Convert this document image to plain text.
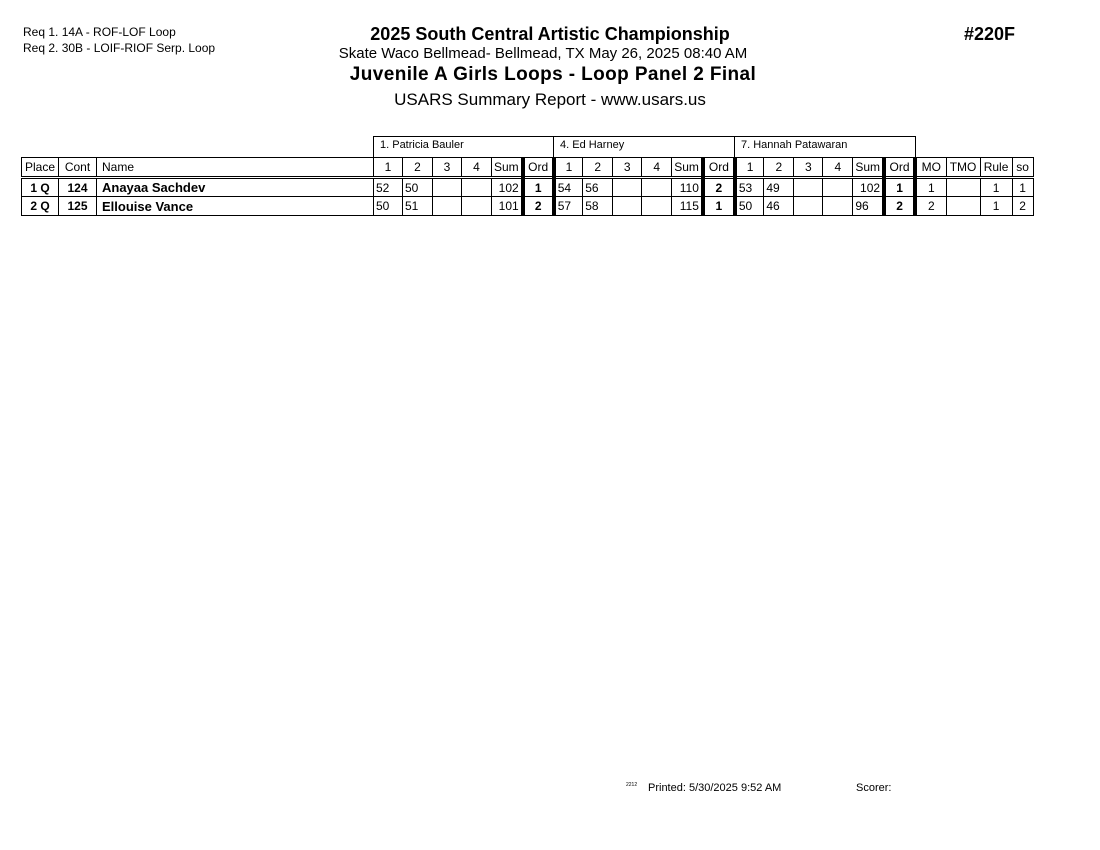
Req 1. 14A - ROF-LOF Loop
Req 2. 30B - LOIF-RIOF Serp. Loop
2025 South Central Artistic Championship
Skate Waco Bellmead- Bellmead, TX May 26, 2025 08:40 AM
Juvenile A Girls Loops - Loop Panel 2 Final
USARS Summary Report - www.usars.us
#220F
1. Patricia Bauler	4. Ed Harney	7. Hannah Patawaran
Place	Cont	Name	1	2	3	4	Sum	Ord	1	2	3	4	Sum	Ord	1	2	3	4	Sum	Ord	MO	TMO	Rule	so
1 Q	124	Anayaa Sachdev	52	50			102	1	54	56			110	2	53	49			102	1	1		1	1
2 Q	125	Ellouise Vance	50	51			101	2	57	58			115	1	50	46			96	2	2		1	2
2212 Printed: 5/30/2025 9:52 AM	Scorer:
